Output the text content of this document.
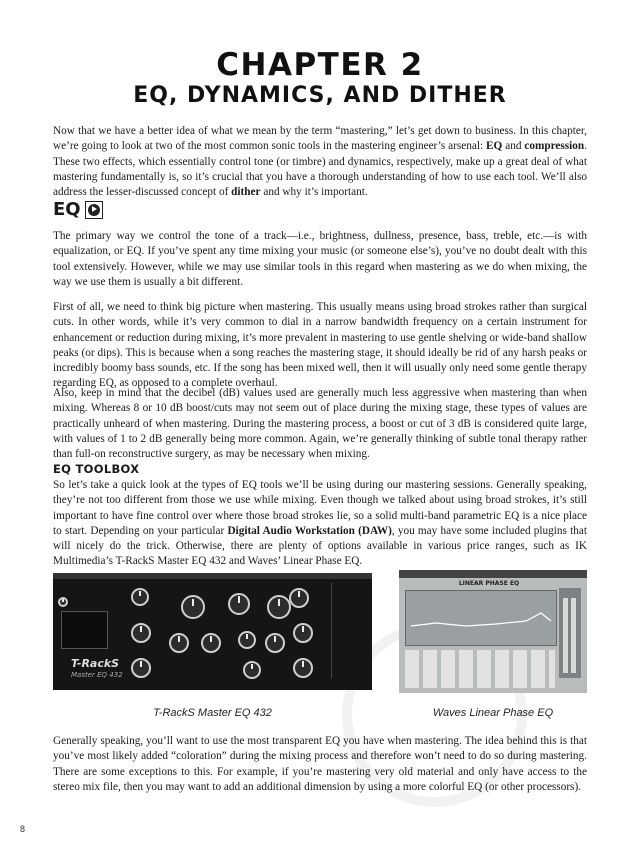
CHAPTER 2
EQ, DYNAMICS, AND DITHER

Now that we have a better idea of what we mean by the term “mastering,” let’s get down to business. In this chapter, we’re going to look at two of the most common sonic tools in the mastering engineer’s arsenal: EQ and compression. These two effects, which essentially control tone (or timbre) and dynamics, respectively, make up a great deal of what mastering fundamentally is, so it’s crucial that you have a thorough understanding of how to use each tool. We’ll also address the lesser-discussed concept of dither and why it’s important.

EQ

The primary way we control the tone of a track—i.e., brightness, dullness, presence, bass, treble, etc.—is with equalization, or EQ. If you’ve spent any time mixing your music (or someone else’s), you’ve no doubt dealt with this tool extensively. However, while we may use similar tools in this regard when mastering as we do when mixing, the way we use them is usually a bit different.

First of all, we need to think big picture when mastering. This usually means using broad strokes rather than surgical cuts. In other words, while it’s very common to dial in a narrow bandwidth frequency on a certain instrument for enhancement or reduction during mixing, it’s more prevalent in mastering to use gentle shelving or wide-band shallow peaks (or dips). This is because when a song reaches the mastering stage, it should ideally be rid of any harsh peaks or incredibly boomy bass sounds, etc. If the song has been mixed well, then it will usually only need some gentle therapy regarding EQ, as opposed to a complete overhaul.

Also, keep in mind that the decibel (dB) values used are generally much less aggressive when mastering than when mixing. Whereas 8 or 10 dB boost/cuts may not seem out of place during the mixing stage, these types of values are practically unheard of when mastering. During the mastering process, a boost or cut of 3 dB is considered quite large, with values of 1 to 2 dB generally being more common. Again, we’re generally thinking of subtle tonal therapy rather than full-on reconstructive surgery, as may be necessary when mixing.

EQ TOOLBOX

So let’s take a quick look at the types of EQ tools we’ll be using during our mastering sessions. Generally speaking, they’re not too different from those we use while mixing. Even though we talked about using broad strokes, it’s still important to have fine control over where those broad strokes lie, so a solid multi-band parametric EQ is a nice place to start. Depending on your particular Digital Audio Workstation (DAW), you may have some included plugins that will nicely do the trick. Otherwise, there are plenty of options available in various price ranges, such as IK Multimedia’s T-RackS Master EQ 432 and Waves’ Linear Phase EQ.

T-RackS
Master EQ 432
LINEAR PHASE EQ
T-RackS Master EQ 432	Waves Linear Phase EQ

Generally speaking, you’ll want to use the most transparent EQ you have when mastering. The idea behind this is that you’ve most likely added “coloration” during the mixing process and therefore won’t need to do so during mastering. There are some exceptions to this. For example, if you’re mastering very old material and only have access to the stereo mix file, then you may want to add an additional dimension by using a more colorful EQ (or other processors).

8
